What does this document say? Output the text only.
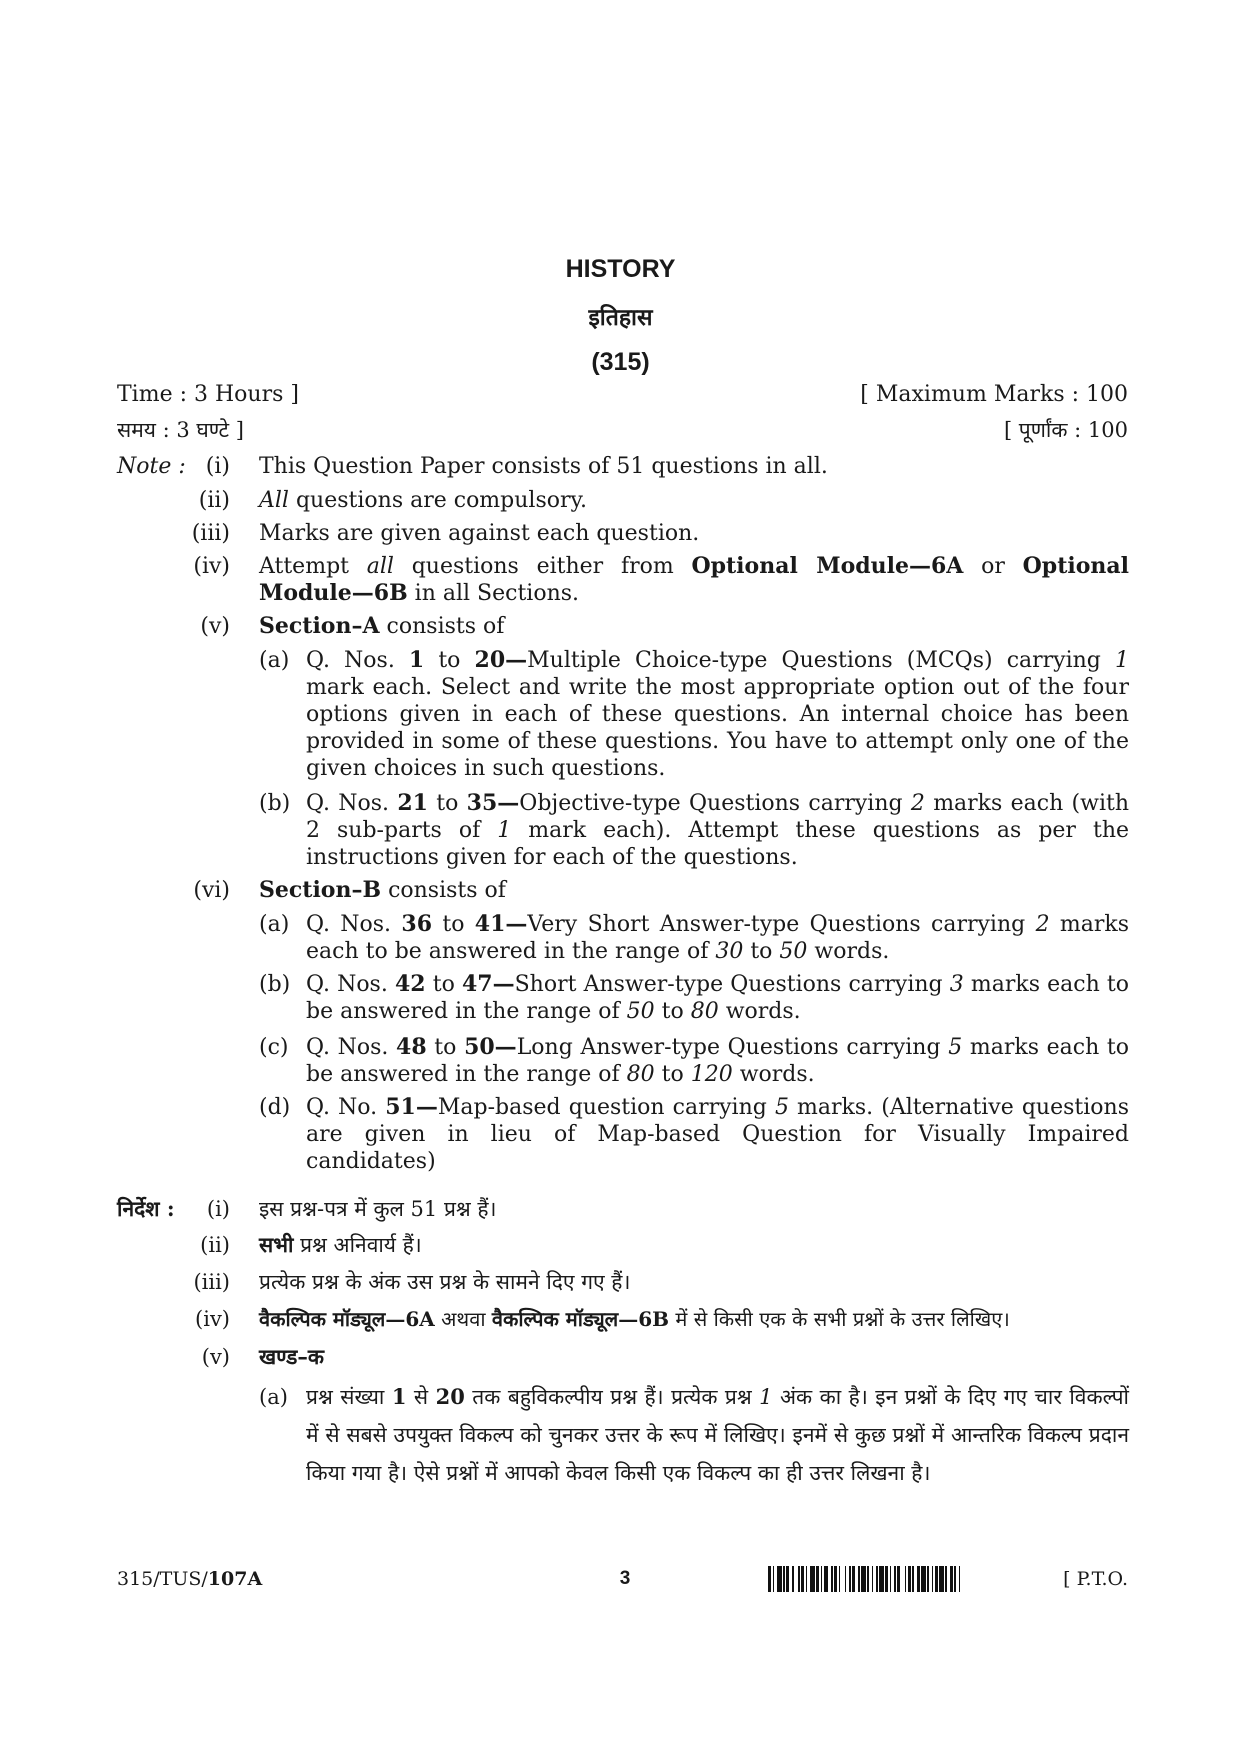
HISTORY
इतिहास
(315)
Time : 3 Hours ]	[ Maximum Marks : 100
समय : 3 घण्टे ]	[ पूर्णांक : 100
Note : (i) This Question Paper consists of 51 questions in all.
(ii) All questions are compulsory.
(iii) Marks are given against each question.
(iv) Attempt all questions either from Optional Module—6A or Optional Module—6B in all Sections.
(v) Section–A consists of
(a) Q. Nos. 1 to 20—Multiple Choice-type Questions (MCQs) carrying 1 mark each. Select and write the most appropriate option out of the four options given in each of these questions. An internal choice has been provided in some of these questions. You have to attempt only one of the given choices in such questions.
(b) Q. Nos. 21 to 35—Objective-type Questions carrying 2 marks each (with 2 sub-parts of 1 mark each). Attempt these questions as per the instructions given for each of the questions.
(vi) Section–B consists of
(a) Q. Nos. 36 to 41—Very Short Answer-type Questions carrying 2 marks each to be answered in the range of 30 to 50 words.
(b) Q. Nos. 42 to 47—Short Answer-type Questions carrying 3 marks each to be answered in the range of 50 to 80 words.
(c) Q. Nos. 48 to 50—Long Answer-type Questions carrying 5 marks each to be answered in the range of 80 to 120 words.
(d) Q. No. 51—Map-based question carrying 5 marks. (Alternative questions are given in lieu of Map-based Question for Visually Impaired candidates)
निर्देश :	(i) इस प्रश्न-पत्र में कुल 51 प्रश्न हैं।
(ii) सभी प्रश्न अनिवार्य हैं।
(iii) प्रत्येक प्रश्न के अंक उस प्रश्न के सामने दिए गए हैं।
(iv) वैकल्पिक मॉड्यूल—6A अथवा वैकल्पिक मॉड्यूल—6B में से किसी एक के सभी प्रश्नों के उत्तर लिखिए।
(v) खण्ड–क
(a) प्रश्न संख्या 1 से 20 तक बहुविकल्पीय प्रश्न हैं। प्रत्येक प्रश्न 1 अंक का है। इन प्रश्नों के दिए गए चार विकल्पों में से सबसे उपयुक्त विकल्प को चुनकर उत्तर के रूप में लिखिए। इनमें से कुछ प्रश्नों में आन्तरिक विकल्प प्रदान किया गया है। ऐसे प्रश्नों में आपको केवल किसी एक विकल्प का ही उत्तर लिखना है।
315/TUS/107A	3	[ P.T.O.
